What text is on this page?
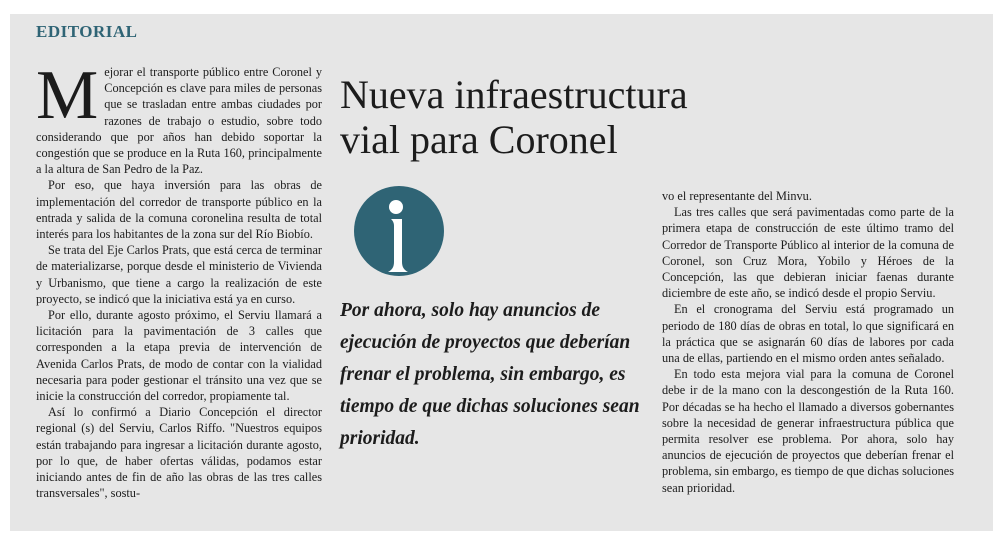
EDITORIAL
M ejorar el transporte público entre Coronel y Concepción es clave para miles de personas que se trasladan entre ambas ciudades por razones de trabajo o estudio, sobre todo considerando que por años han debido soportar la congestión que se produce en la Ruta 160, principalmente a la altura de San Pedro de la Paz.

Por eso, que haya inversión para las obras de implementación del corredor de transporte público en la entrada y salida de la comuna coronelina resulta de total interés para los habitantes de la zona sur del Río Biobío.

Se trata del Eje Carlos Prats, que está cerca de terminar de materializarse, porque desde el ministerio de Vivienda y Urbanismo, que tiene a cargo la realización de este proyecto, se indicó que la iniciativa está ya en curso.

Por ello, durante agosto próximo, el Serviu llamará a licitación para la pavimentación de 3 calles que corresponden a la etapa previa de intervención de Avenida Carlos Prats, de modo de contar con la vialidad necesaria para poder gestionar el tránsito una vez que se inicie la construcción del corredor, propiamente tal.

Así lo confirmó a Diario Concepción el director regional (s) del Serviu, Carlos Riffo. "Nuestros equipos están trabajando para ingresar a licitación durante agosto, por lo que, de haber ofertas válidas, podamos estar iniciando antes de fin de año las obras de las tres calles transversales", sostu-

Nueva infraestructura
vial para Coronel

Por ahora, solo hay anuncios de ejecución de proyectos que deberían frenar el problema, sin embargo, es tiempo de que dichas soluciones sean prioridad.

vo el representante del Minvu.

Las tres calles que será pavimentadas como parte de la primera etapa de construcción de este último tramo del Corredor de Transporte Público al interior de la comuna de Coronel, son Cruz Mora, Yobilo y Héroes de la Concepción, las que debieran iniciar faenas durante diciembre de este año, se indicó desde el propio Serviu.

En el cronograma del Serviu está programado un periodo de 180 días de obras en total, lo que significará en la práctica que se asignarán 60 días de labores por cada una de ellas, partiendo en el mismo orden antes señalado.

En todo esta mejora vial para la comuna de Coronel debe ir de la mano con la descongestión de la Ruta 160. Por décadas se ha hecho el llamado a diversos gobernantes sobre la necesidad de generar infraestructura pública que permita resolver ese problema. Por ahora, solo hay anuncios de ejecución de proyectos que deberían frenar el problema, sin embargo, es tiempo de que dichas soluciones sean prioridad.
